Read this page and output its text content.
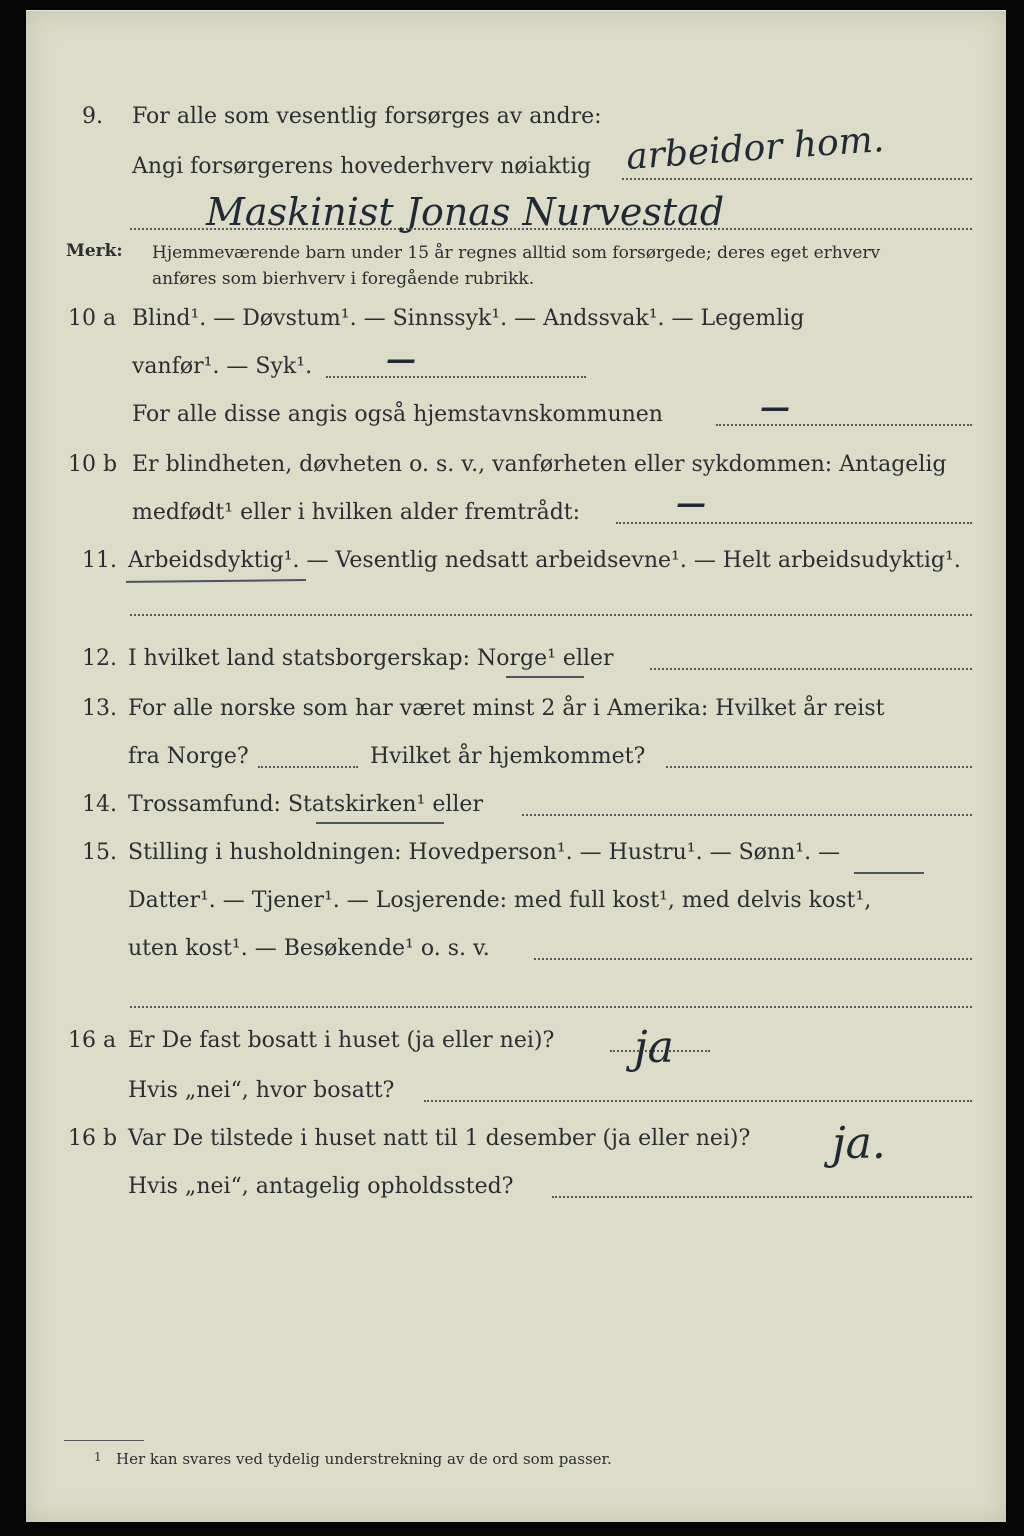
9. For alle som vesentlig forsørges av andre:
arbeidor hom.
Angi forsørgerens hovederhverv nøiaktig
Maskinist Jonas Nurvestad
Merk: Hjemmeværende barn under 15 år regnes alltid som forsørgede; deres eget erhverv
anføres som bierhverv i foregående rubrikk.
10 a Blind¹. — Døvstum¹. — Sinnssyk¹. — Andssvak¹. — Legemlig
vanfør¹. — Syk¹. —
For alle disse angis også hjemstavnskommunen	—
10 b Er blindheten, døvheten o. s. v., vanførheten eller sykdommen: Antagelig
medfødt¹ eller i hvilken alder fremtrådt:	—
11. Arbeidsdyktig¹. — Vesentlig nedsatt arbeidsevne¹. — Helt arbeidsudyktig¹.
12. I hvilket land statsborgerskap: Norge¹ eller
13. For alle norske som har været minst 2 år i Amerika: Hvilket år reist
fra Norge?	Hvilket år hjemkommet?
14. Trossamfund: Statskirken¹ eller
15. Stilling i husholdningen: Hovedperson¹. — Hustru¹. — Sønn¹. —
Datter¹. — Tjener¹. — Losjerende: med full kost¹, med delvis kost¹,
uten kost¹. — Besøkende¹ o. s. v.
16 a Er De fast bosatt i huset (ja eller nei)? ja
Hvis „nei“, hvor bosatt?
16 b Var De tilstede i huset natt til 1 desember (ja eller nei)? ja.
Hvis „nei“, antagelig opholdssted?
1 Her kan svares ved tydelig understrekning av de ord som passer.
